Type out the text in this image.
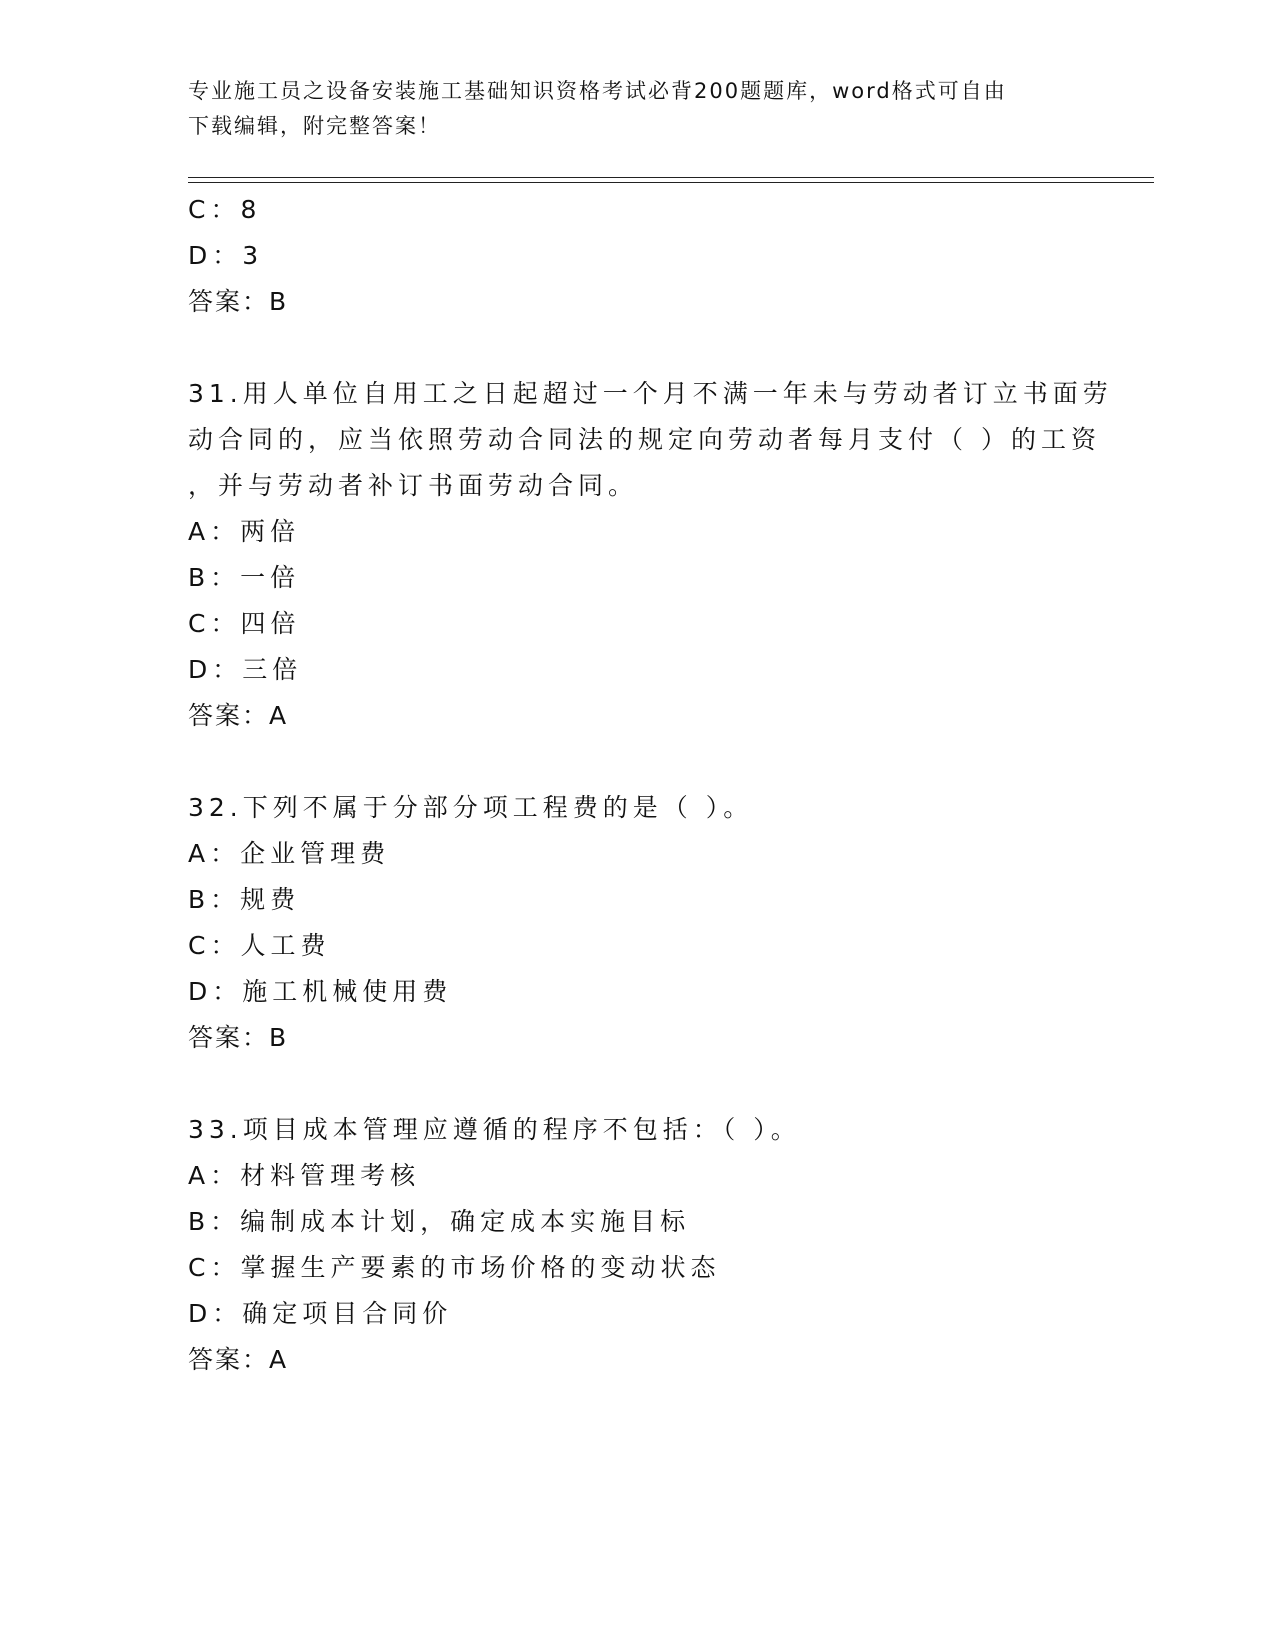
专业施工员之设备安装施工基础知识资格考试必背200题题库，word格式可自由
下载编辑，附完整答案！
C：8
D：3
答案：B
31.用人单位自用工之日起超过一个月不满一年未与劳动者订立书面劳
动合同的，应当依照劳动合同法的规定向劳动者每月支付（ ）的工资
，并与劳动者补订书面劳动合同。
A：两倍
B：一倍
C：四倍
D：三倍
答案：A
32.下列不属于分部分项工程费的是（ ）。
A：企业管理费
B：规费
C：人工费
D：施工机械使用费
答案：B
33.项目成本管理应遵循的程序不包括：（ ）。
A：材料管理考核
B：编制成本计划，确定成本实施目标
C：掌握生产要素的市场价格的变动状态
D：确定项目合同价
答案：A
